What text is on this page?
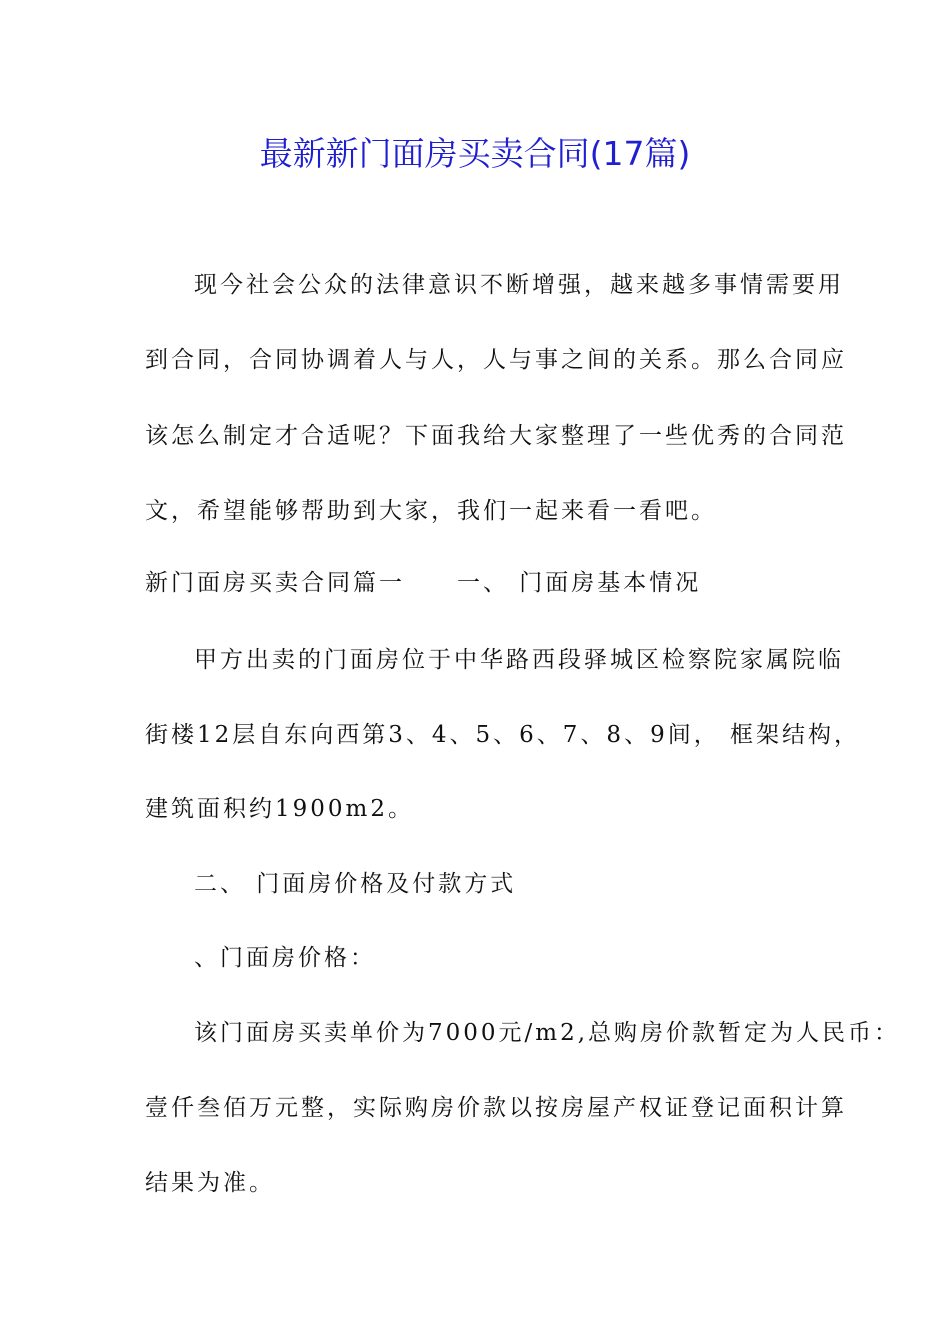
最新新门面房买卖合同(17篇)

现今社会公众的法律意识不断增强，越来越多事情需要用

到合同，合同协调着人与人，人与事之间的关系。那么合同应

该怎么制定才合适呢？下面我给大家整理了一些优秀的合同范

文，希望能够帮助到大家，我们一起来看一看吧。

新门面房买卖合同篇一　　一、 门面房基本情况

甲方出卖的门面房位于中华路西段驿城区检察院家属院临

街楼12层自东向西第3、4、5、6、7、8、9间， 框架结构，

建筑面积约1900m2。

二、 门面房价格及付款方式

、门面房价格：

该门面房买卖单价为7000元/m2,总购房价款暂定为人民币：

壹仟叁佰万元整，实际购房价款以按房屋产权证登记面积计算

结果为准。
